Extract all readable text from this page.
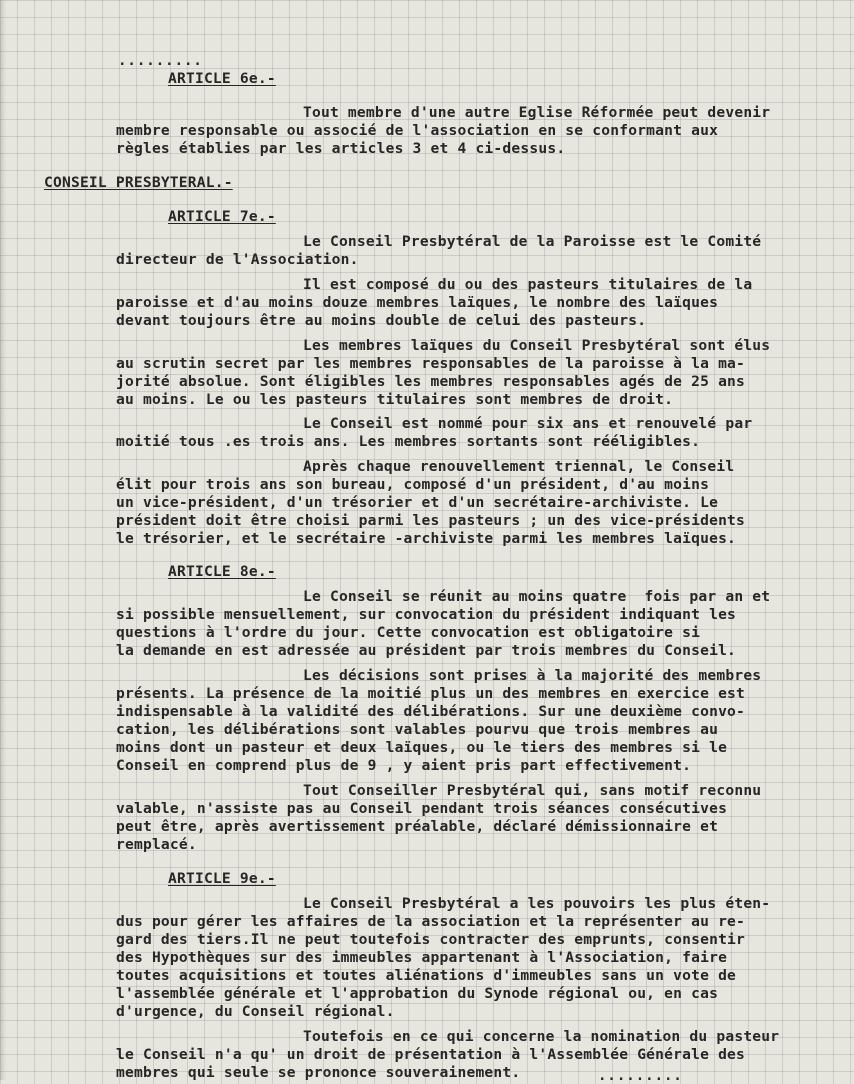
.........
ARTICLE 6e.-
Tout membre d'une autre Eglise Réformée peut devenir
membre responsable ou associé de l'association en se conformant aux
règles établies par les articles 3 et 4 ci-dessus.
CONSEIL PRESBYTERAL.-
ARTICLE 7e.-
Le Conseil Presbytéral de la Paroisse est le Comité
directeur de l'Association.
Il est composé du ou des pasteurs titulaires de la
paroisse et d'au moins douze membres laïques, le nombre des laïques
devant toujours être au moins double de celui des pasteurs.
Les membres laïques du Conseil Presbytéral sont élus
au scrutin secret par les membres responsables de la paroisse à la ma-
jorité absolue. Sont éligibles les membres responsables agés de 25 ans
au moins. Le ou les pasteurs titulaires sont membres de droit.
Le Conseil est nommé pour six ans et renouvelé par
moitié tous .es trois ans. Les membres sortants sont rééligibles.
Après chaque renouvellement triennal, le Conseil
élit pour trois ans son bureau, composé d'un président, d'au moins
un vice-président, d'un trésorier et d'un secrétaire-archiviste. Le
président doit être choisi parmi les pasteurs ; un des vice-présidents
le trésorier, et le secrétaire -archiviste parmi les membres laïques.
ARTICLE 8e.-
Le Conseil se réunit au moins quatre  fois par an et
si possible mensuellement, sur convocation du président indiquant les
questions à l'ordre du jour. Cette convocation est obligatoire si
la demande en est adressée au président par trois membres du Conseil.
Les décisions sont prises à la majorité des membres
présents. La présence de la moitié plus un des membres en exercice est
indispensable à la validité des délibérations. Sur une deuxième convo-
cation, les délibérations sont valables pourvu que trois membres au
moins dont un pasteur et deux laïques, ou le tiers des membres si le
Conseil en comprend plus de 9 , y aient pris part effectivement.
Tout Conseiller Presbytéral qui, sans motif reconnu
valable, n'assiste pas au Conseil pendant trois séances consécutives
peut être, après avertissement préalable, déclaré démissionnaire et
remplacé.
ARTICLE 9e.-
Le Conseil Presbytéral a les pouvoirs les plus éten-
dus pour gérer les affaires de la association et la représenter au re-
gard des tiers.Il ne peut toutefois contracter des emprunts, consentir
des Hypothèques sur des immeubles appartenant à l'Association, faire
toutes acquisitions et toutes aliénations d'immeubles sans un vote de
l'assemblée générale et l'approbation du Synode régional ou, en cas
d'urgence, du Conseil régional.
Toutefois en ce qui concerne la nomination du pasteur
le Conseil n'a qu' un droit de présentation à l'Assemblée Générale des
membres qui seule se prononce souverainement.	.........
